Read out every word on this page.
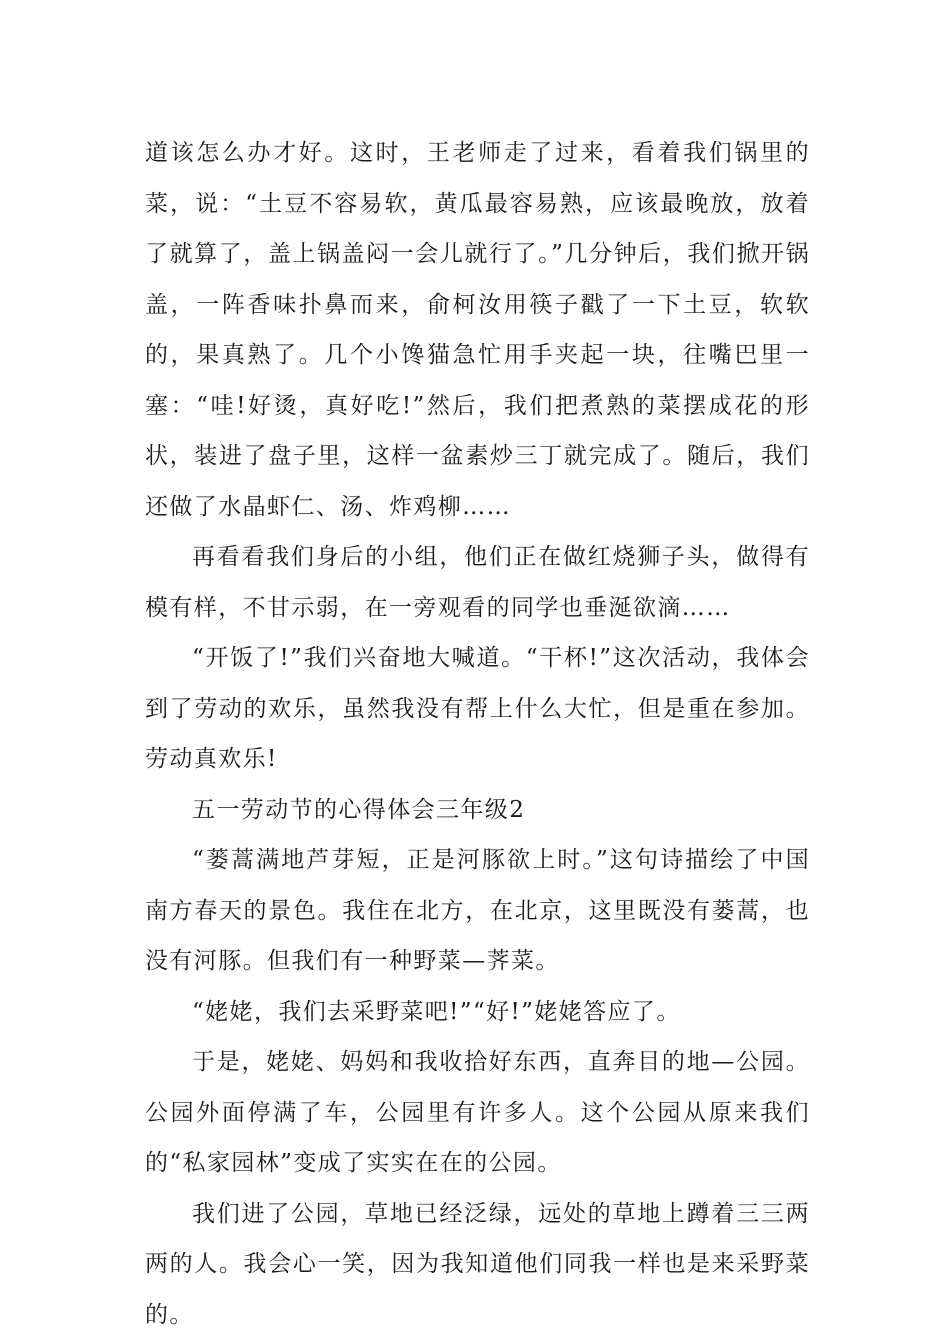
道该怎么办才好。这时，王老师走了过来，看着我们锅里的菜，说：“土豆不容易软，黄瓜最容易熟，应该最晚放，放着了就算了，盖上锅盖闷一会儿就行了。”几分钟后，我们掀开锅盖，一阵香味扑鼻而来，俞柯汝用筷子戳了一下土豆，软软的，果真熟了。几个小馋猫急忙用手夹起一块，往嘴巴里一塞：“哇!好烫，真好吃!”然后，我们把煮熟的菜摆成花的形状，装进了盘子里，这样一盆素炒三丁就完成了。随后，我们还做了水晶虾仁、汤、炸鸡柳……

再看看我们身后的小组，他们正在做红烧狮子头，做得有模有样，不甘示弱，在一旁观看的同学也垂涎欲滴……

“开饭了!”我们兴奋地大喊道。“干杯!”这次活动，我体会到了劳动的欢乐，虽然我没有帮上什么大忙，但是重在参加。劳动真欢乐!

五一劳动节的心得体会三年级2

“蒌蒿满地芦芽短，正是河豚欲上时。”这句诗描绘了中国南方春天的景色。我住在北方，在北京，这里既没有蒌蒿，也没有河豚。但我们有一种野菜—荠菜。

“姥姥，我们去采野菜吧!”“好!”姥姥答应了。

于是，姥姥、妈妈和我收拾好东西，直奔目的地—公园。公园外面停满了车，公园里有许多人。这个公园从原来我们的“私家园林”变成了实实在在的公园。

我们进了公园，草地已经泛绿，远处的草地上蹲着三三两两的人。我会心一笑，因为我知道他们同我一样也是来采野菜的。
